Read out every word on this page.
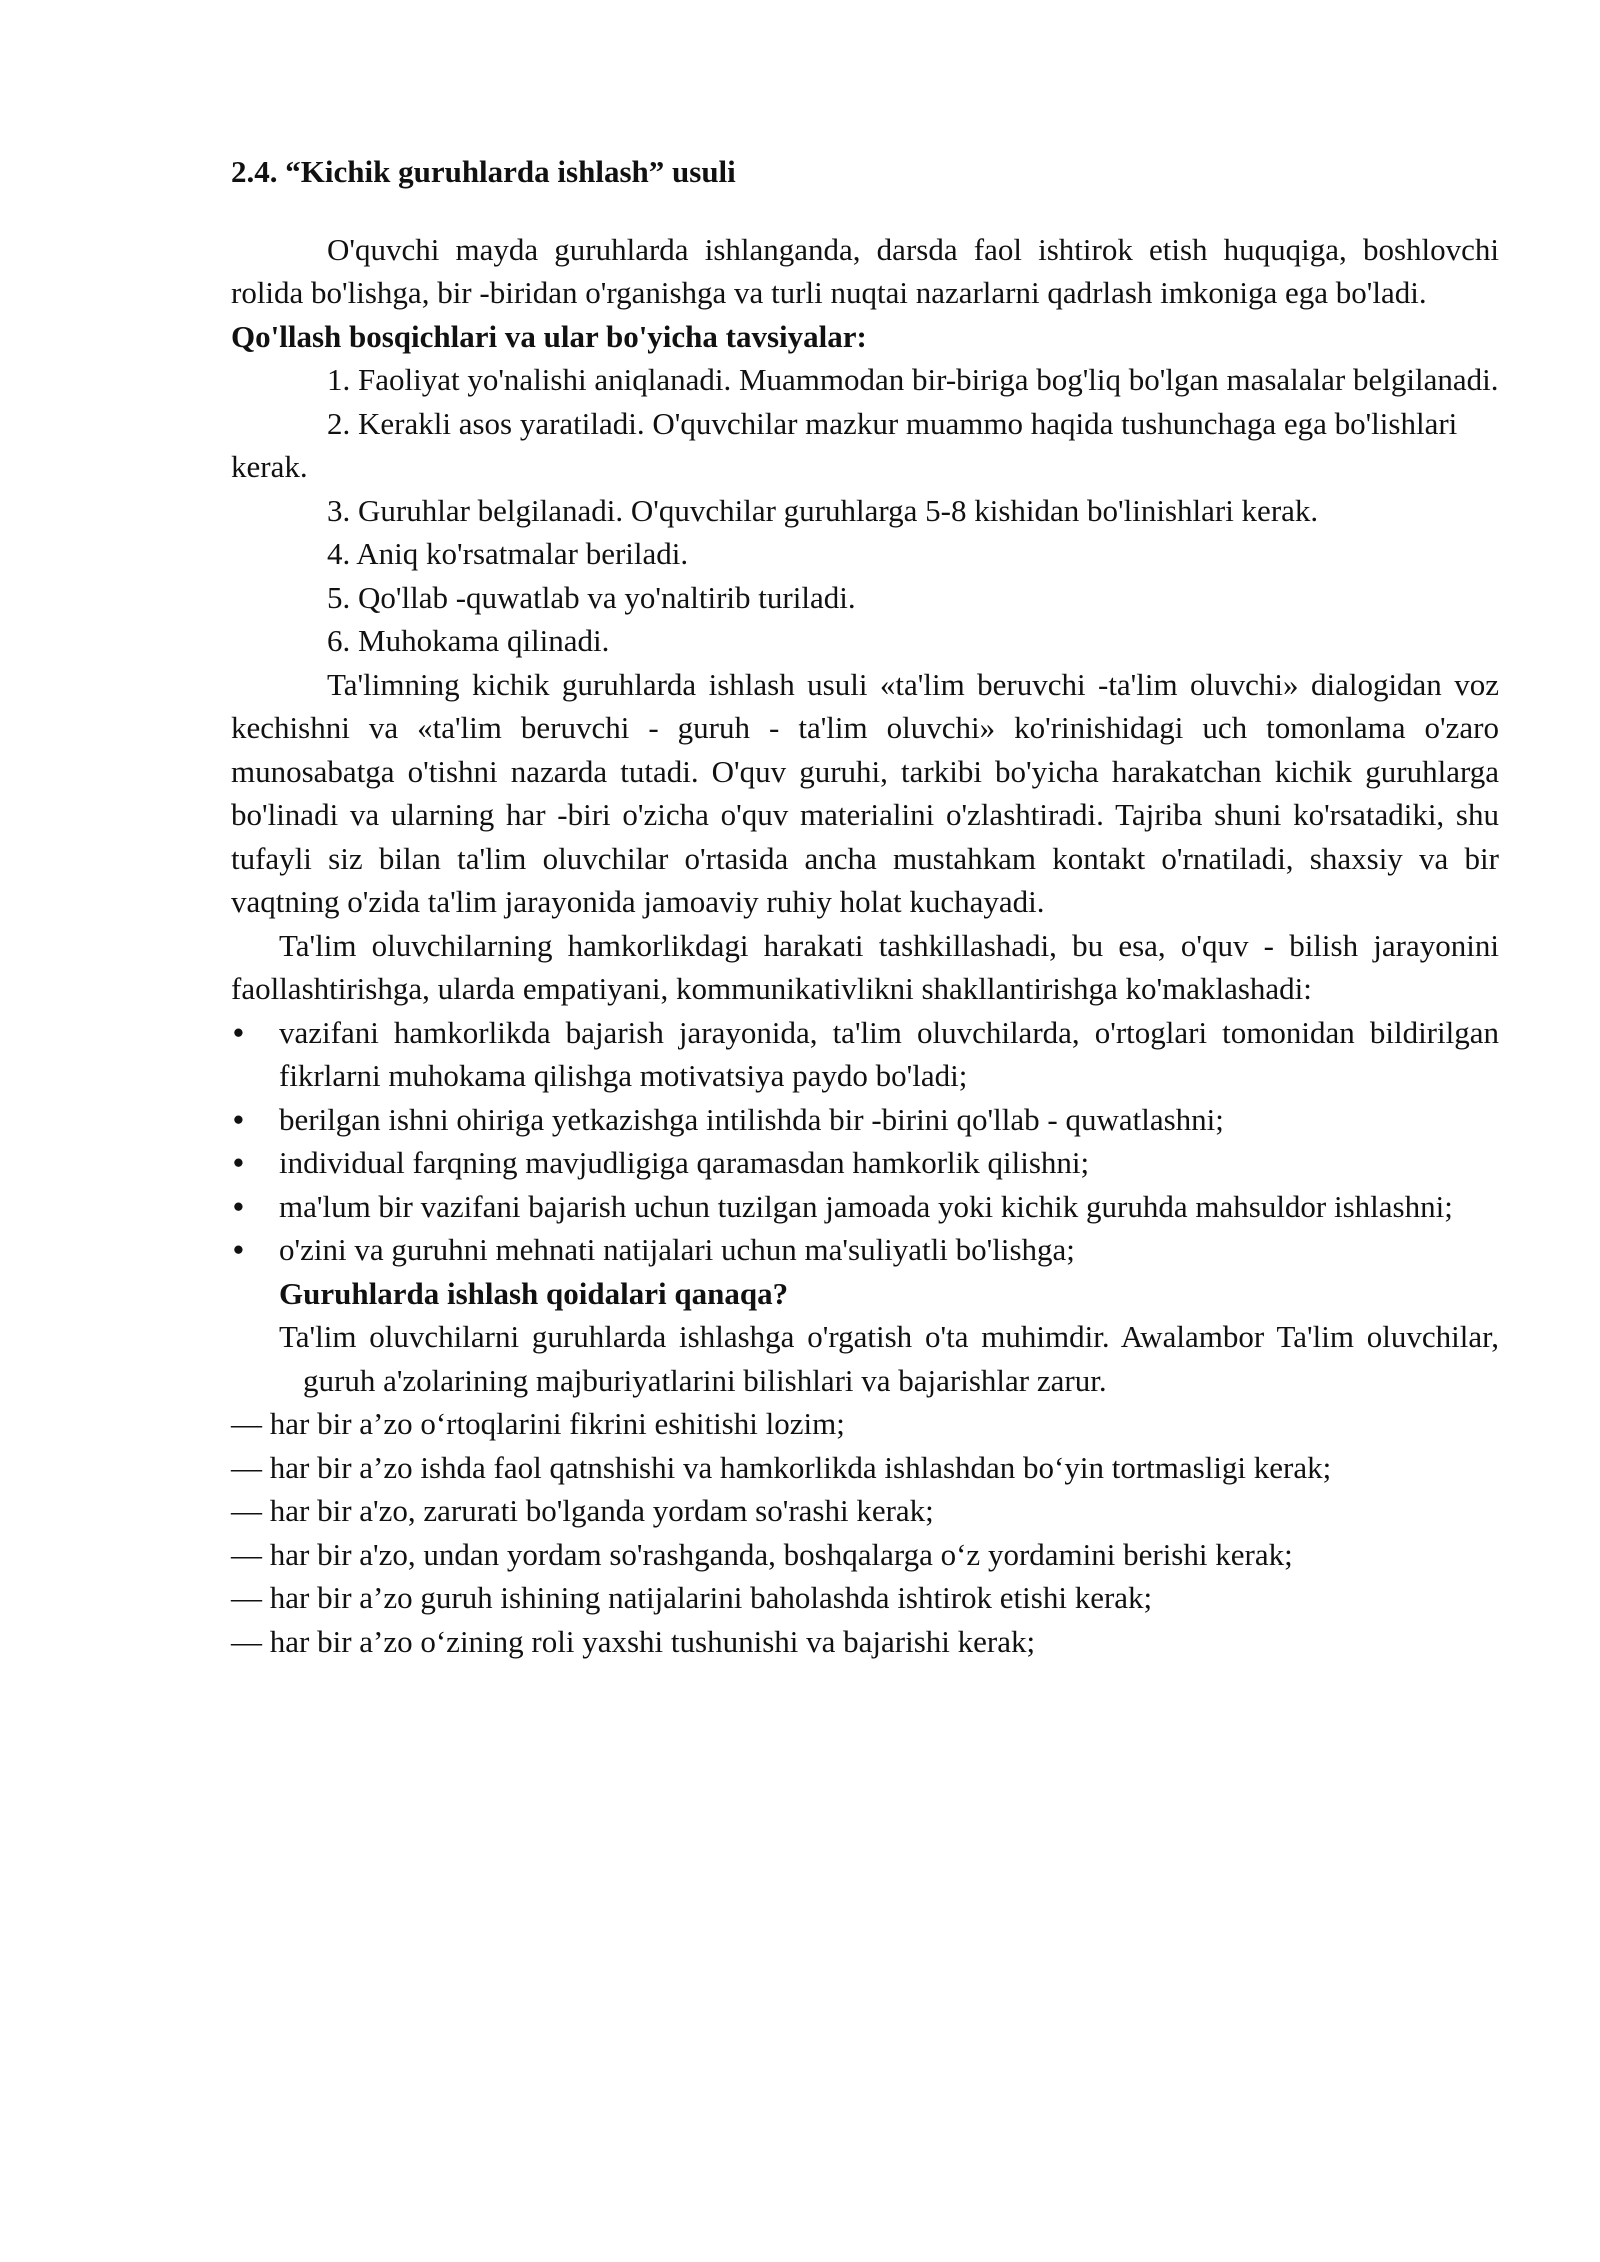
2.4. “Kichik guruhlarda ishlash” usuli

O'quvchi mayda guruhlarda ishlanganda, darsda faol ishtirok etish huquqiga, boshlovchi rolida bo'lishga, bir -biridan o'rganishga va turli nuqtai nazarlarni qadrlash imkoniga ega bo'ladi.

Qo'llash bosqichlari va ular bo'yicha tavsiyalar:

1. Faoliyat yo'nalishi aniqlanadi. Muammodan bir-biriga bog'liq bo'lgan masalalar belgilanadi.

2. Kerakli asos yaratiladi. O'quvchilar mazkur muammo haqida tushunchaga ega bo'lishlari kerak.

3. Guruhlar belgilanadi. O'quvchilar guruhlarga 5-8 kishidan bo'linishlari kerak.

4. Aniq ko'rsatmalar beriladi.

5. Qo'llab -quwatlab va yo'naltirib turiladi.

6. Muhokama qilinadi.

Ta'limning kichik guruhlarda ishlash usuli «ta'lim beruvchi -ta'lim oluvchi» dialogidan voz kechishni va «ta'lim beruvchi - guruh - ta'lim oluvchi» ko'rinishidagi uch tomonlama o'zaro munosabatga o'tishni nazarda tutadi. O'quv guruhi, tarkibi bo'yicha harakatchan kichik guruhlarga bo'linadi va ularning har -biri o'zicha o'quv materialini o'zlashtiradi. Tajriba shuni ko'rsatadiki, shu tufayli siz bilan ta'lim oluvchilar o'rtasida ancha mustahkam kontakt o'rnatiladi, shaxsiy va bir vaqtning o'zida ta'lim jarayonida jamoaviy ruhiy holat kuchayadi.

Ta'lim oluvchilarning hamkorlikdagi harakati tashkillashadi, bu esa, o'quv - bilish jarayonini faollashtirishga, ularda empatiyani, kommunikativlikni shakllantirishga ko'maklashadi:

• vazifani hamkorlikda bajarish jarayonida, ta'lim oluvchilarda, o'rtoglari tomonidan bildirilgan fikrlarni muhokama qilishga motivatsiya paydo bo'ladi;
• berilgan ishni ohiriga yetkazishga intilishda bir -birini qo'llab - quwatlashni;
• individual farqning mavjudligiga qaramasdan hamkorlik qilishni;
• ma'lum bir vazifani bajarish uchun tuzilgan jamoada yoki kichik guruhda mahsuldor ishlashni;
• o'zini va guruhni mehnati natijalari uchun ma'suliyatli bo'lishga;

Guruhlarda ishlash qoidalari qanaqa?

Ta'lim oluvchilarni guruhlarda ishlashga o'rgatish o'ta muhimdir. Awalambor Ta'lim oluvchilar, guruh a'zolarining majburiyatlarini bilishlari va bajarishlar zarur.

— har bir a’zo o‘rtoqlarini fikrini eshitishi lozim;

— har bir a’zo ishda faol qatnshishi va hamkorlikda ishlashdan bo‘yin tortmasligi kerak;

— har bir a'zo, zarurati bo'lganda yordam so'rashi kerak;

— har bir a'zo, undan yordam so'rashganda, boshqalarga o‘z yordamini berishi kerak;

— har bir a’zo guruh ishining natijalarini baholashda ishtirok etishi kerak;

— har bir a’zo o‘zining roli yaxshi tushunishi va bajarishi kerak;
